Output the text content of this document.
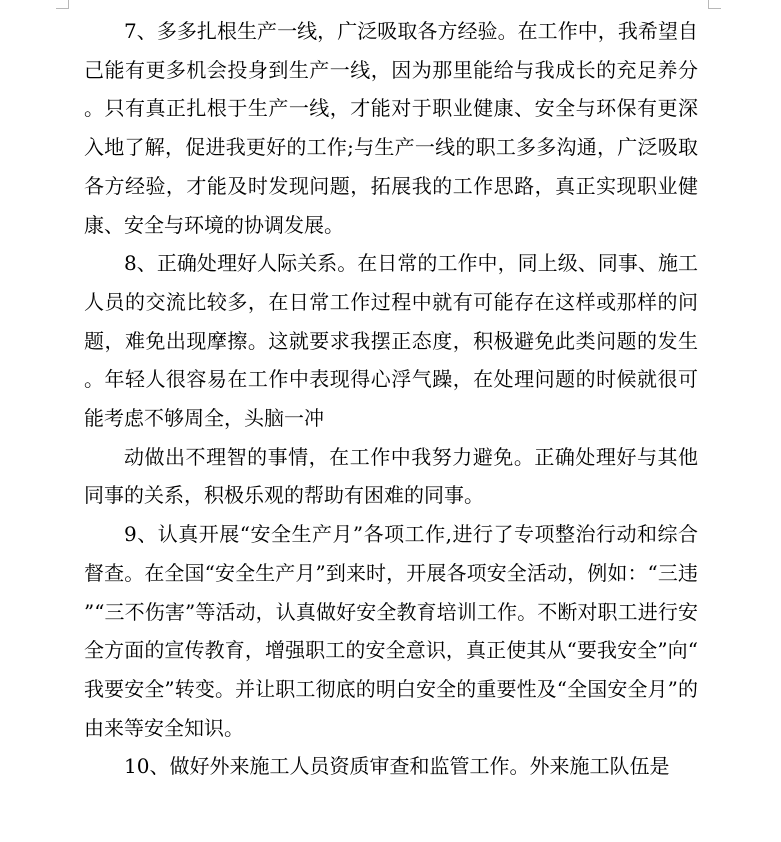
7、多多扎根生产一线，广泛吸取各方经验。在工作中，我希望自己能有更多机会投身到生产一线，因为那里能给与我成长的充足养分。只有真正扎根于生产一线，才能对于职业健康、安全与环保有更深入地了解，促进我更好的工作;与生产一线的职工多多沟通，广泛吸取各方经验，才能及时发现问题，拓展我的工作思路，真正实现职业健康、安全与环境的协调发展。

8、正确处理好人际关系。在日常的工作中，同上级、同事、施工人员的交流比较多，在日常工作过程中就有可能存在这样或那样的问题，难免出现摩擦。这就要求我摆正态度，积极避免此类问题的发生。年轻人很容易在工作中表现得心浮气躁，在处理问题的时候就很可能考虑不够周全，头脑一冲

动做出不理智的事情，在工作中我努力避免。正确处理好与其他同事的关系，积极乐观的帮助有困难的同事。

9、认真开展“安全生产月”各项工作,进行了专项整治行动和综合督查。在全国“安全生产月”到来时，开展各项安全活动，例如：“三违”“三不伤害”等活动，认真做好安全教育培训工作。不断对职工进行安全方面的宣传教育，增强职工的安全意识，真正使其从“要我安全”向“我要安全”转变。并让职工彻底的明白安全的重要性及“全国安全月”的由来等安全知识。

10、做好外来施工人员资质审查和监管工作。外来施工队伍是
